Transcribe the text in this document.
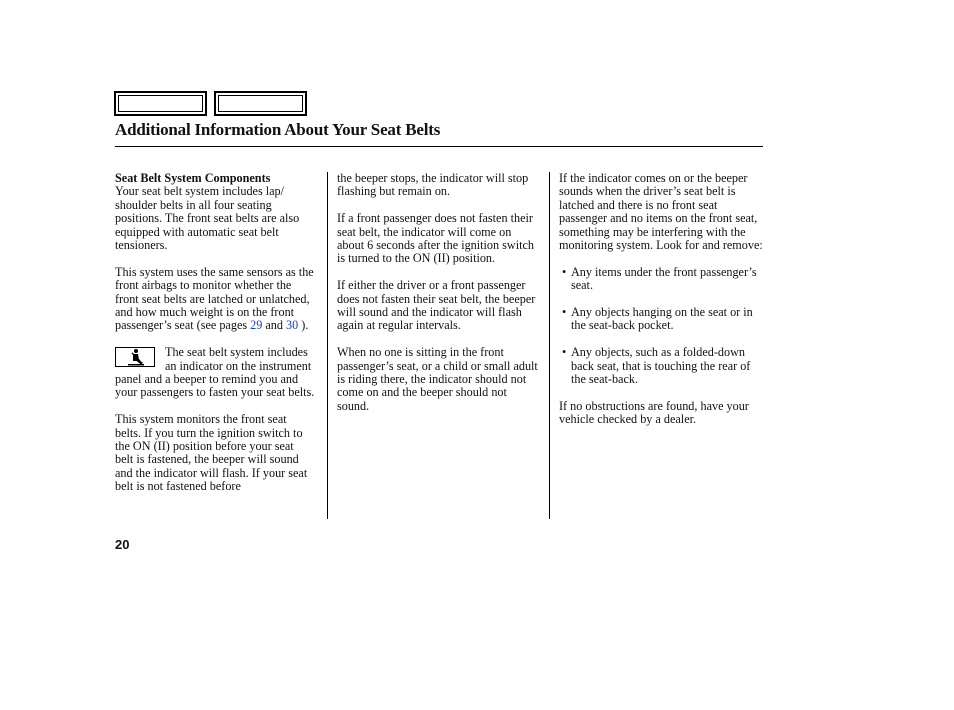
Additional Information About Your Seat Belts

Seat Belt System Components
Your seat belt system includes lap/ shoulder belts in all four seating positions. The front seat belts are also equipped with automatic seat belt tensioners.

This system uses the same sensors as the front airbags to monitor whether the front seat belts are latched or unlatched, and how much weight is on the front passenger’s seat (see pages 29 and 30 ).

The seat belt system includes an indicator on the instrument panel and a beeper to remind you and your passengers to fasten your seat belts.

This system monitors the front seat belts. If you turn the ignition switch to the ON (II) position before your seat belt is fastened, the beeper will sound and the indicator will flash. If your seat belt is not fastened before

the beeper stops, the indicator will stop flashing but remain on.

If a front passenger does not fasten their seat belt, the indicator will come on about 6 seconds after the ignition switch is turned to the ON (II) position.

If either the driver or a front passenger does not fasten their seat belt, the beeper will sound and the indicator will flash again at regular intervals.

When no one is sitting in the front passenger’s seat, or a child or small adult is riding there, the indicator should not come on and the beeper should not sound.

If the indicator comes on or the beeper sounds when the driver’s seat belt is latched and there is no front seat passenger and no items on the front seat, something may be interfering with the monitoring system. Look for and remove:

• Any items under the front passenger’s seat.
• Any objects hanging on the seat or in the seat-back pocket.
• Any objects, such as a folded-down back seat, that is touching the rear of the seat-back.

If no obstructions are found, have your vehicle checked by a dealer.

20
